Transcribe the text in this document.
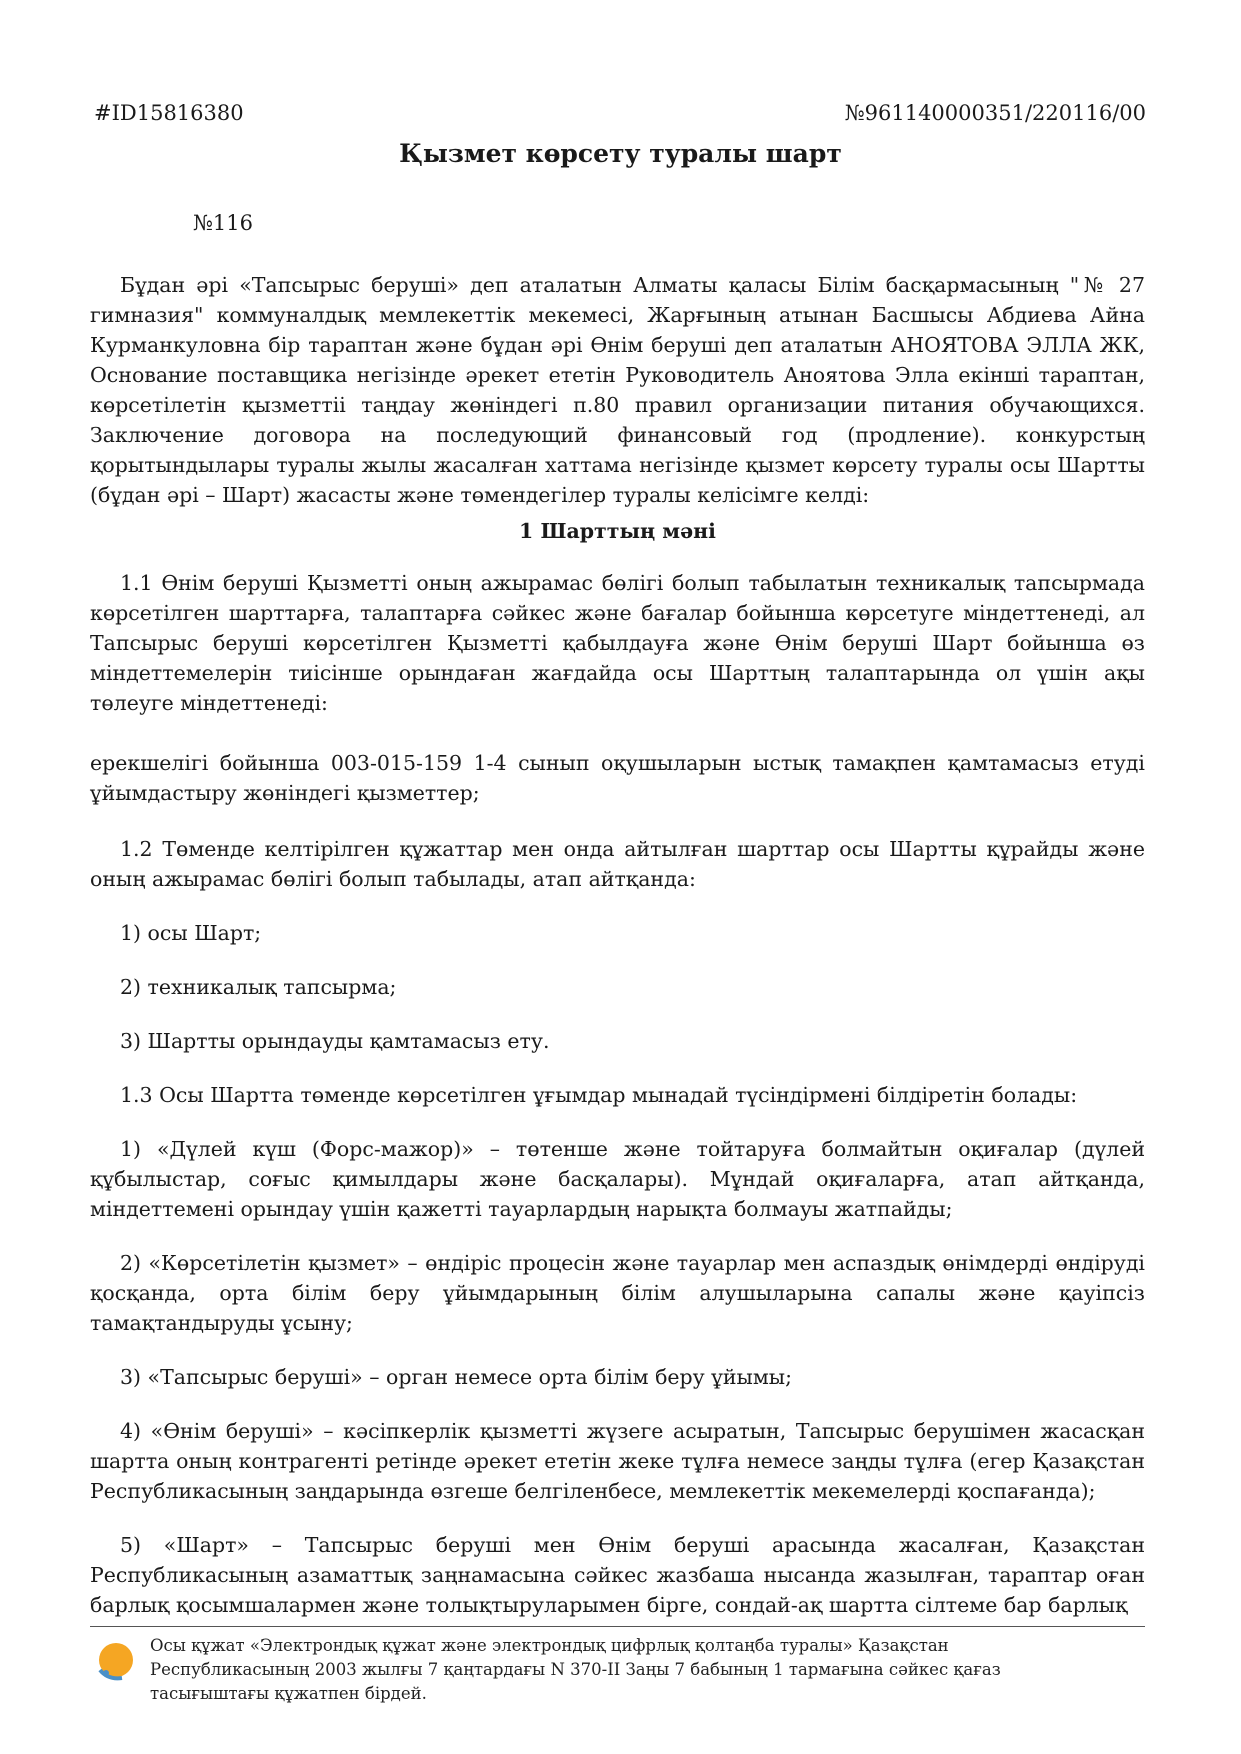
#ID15816380	№961140000351/220116/00
Қызмет көрсету туралы шарт
№116

Бұдан әрі «Тапсырыс беруші» деп аталатын Алматы қаласы Білім басқармасының "№ 27 гимназия" коммуналдық мемлекеттік мекемесі, Жарғының атынан Басшысы Абдиева Айна Курманкуловна бір тараптан және бұдан әрі Өнім беруші деп аталатын АНОЯТОВА ЭЛЛА ЖК, Основание поставщика негізінде әрекет ететін Руководитель Аноятова Элла екінші тараптан, көрсетілетін қызметтіі таңдау жөніндегі п.80 правил организации питания обучающихся. Заключение договора на последующий финансовый год (продление). конкурстың қорытындылары туралы жылы жасалған хаттама негізінде қызмет көрсету туралы осы Шартты (бұдан әрі – Шарт) жасасты және төмендегілер туралы келісімге келді:

1 Шарттың мәні

1.1 Өнім беруші Қызметті оның ажырамас бөлігі болып табылатын техникалық тапсырмада көрсетілген шарттарға, талаптарға сәйкес және бағалар бойынша көрсетуге міндеттенеді, ал Тапсырыс беруші көрсетілген Қызметті қабылдауға және Өнім беруші Шарт бойынша өз міндеттемелерін тиісінше орындаған жағдайда осы Шарттың талаптарында ол үшін ақы төлеуге міндеттенеді:

ерекшелігі бойынша 003-015-159 1-4 сынып оқушыларын ыстық тамақпен қамтамасыз етуді ұйымдастыру жөніндегі қызметтер;

1.2 Төменде келтірілген құжаттар мен онда айтылған шарттар осы Шартты құрайды және оның ажырамас бөлігі болып табылады, атап айтқанда:

1) осы Шарт;

2) техникалық тапсырма;

3) Шартты орындауды қамтамасыз ету.

1.3 Осы Шартта төменде көрсетілген ұғымдар мынадай түсіндірмені білдіретін болады:

1) «Дүлей күш (Форс-мажор)» – төтенше және тойтаруға болмайтын оқиғалар (дүлей құбылыстар, соғыс қимылдары және басқалары). Мұндай оқиғаларға, атап айтқанда, міндеттемені орындау үшін қажетті тауарлардың нарықта болмауы жатпайды;

2) «Көрсетілетін қызмет» – өндіріс процесін және тауарлар мен аспаздық өнімдерді өндіруді қосқанда, орта білім беру ұйымдарының білім алушыларына сапалы және қауіпсіз тамақтандыруды ұсыну;

3) «Тапсырыс беруші» – орган немесе орта білім беру ұйымы;

4) «Өнім беруші» – кәсіпкерлік қызметті жүзеге асыратын, Тапсырыс берушімен жасасқан шартта оның контрагенті ретінде әрекет ететін жеке тұлға немесе заңды тұлға (егер Қазақстан Республикасының заңдарында өзгеше белгіленбесе, мемлекеттік мекемелерді қоспағанда);

5) «Шарт» – Тапсырыс беруші мен Өнім беруші арасында жасалған, Қазақстан Республикасының азаматтық заңнамасына сәйкес жазбаша нысанда жазылған, тараптар оған барлық қосымшалармен және толықтыруларымен бірге, сондай-ақ шартта сілтеме бар барлық

Осы құжат «Электрондық құжат және электрондық цифрлық қолтаңба туралы» Қазақстан Республикасының 2003 жылғы 7 қаңтардағы N 370-II Заңы 7 бабының 1 тармағына сәйкес қағаз тасығыштағы құжатпен бірдей.
